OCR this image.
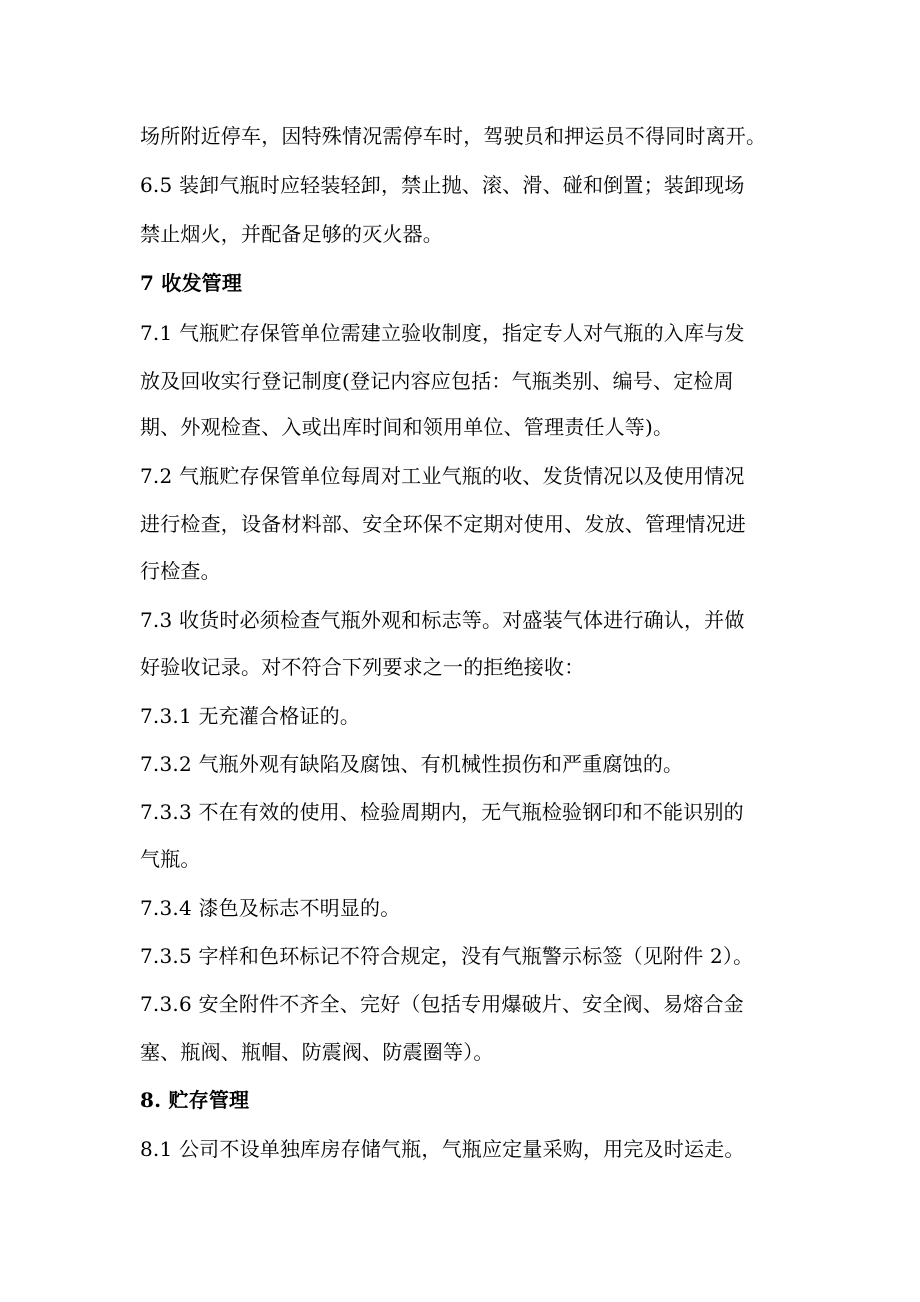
场所附近停车，因特殊情况需停车时，驾驶员和押运员不得同时离开。
6.5 装卸气瓶时应轻装轻卸，禁止抛、滚、滑、碰和倒置；装卸现场
禁止烟火，并配备足够的灭火器。
7 收发管理
7.1 气瓶贮存保管单位需建立验收制度，指定专人对气瓶的入库与发
放及回收实行登记制度(登记内容应包括：气瓶类别、编号、定检周
期、外观检查、入或出库时间和领用单位、管理责任人等)。
7.2 气瓶贮存保管单位每周对工业气瓶的收、发货情况以及使用情况
进行检查，设备材料部、安全环保不定期对使用、发放、管理情况进
行检查。
7.3 收货时必须检查气瓶外观和标志等。对盛装气体进行确认，并做
好验收记录。对不符合下列要求之一的拒绝接收：
7.3.1 无充灌合格证的。
7.3.2 气瓶外观有缺陷及腐蚀、有机械性损伤和严重腐蚀的。
7.3.3 不在有效的使用、检验周期内，无气瓶检验钢印和不能识别的
气瓶。
7.3.4 漆色及标志不明显的。
7.3.5 字样和色环标记不符合规定，没有气瓶警示标签（见附件 2）。
7.3.6 安全附件不齐全、完好（包括专用爆破片、安全阀、易熔合金
塞、瓶阀、瓶帽、防震阀、防震圈等）。
8. 贮存管理
8.1 公司不设单独库房存储气瓶，气瓶应定量采购，用完及时运走。
